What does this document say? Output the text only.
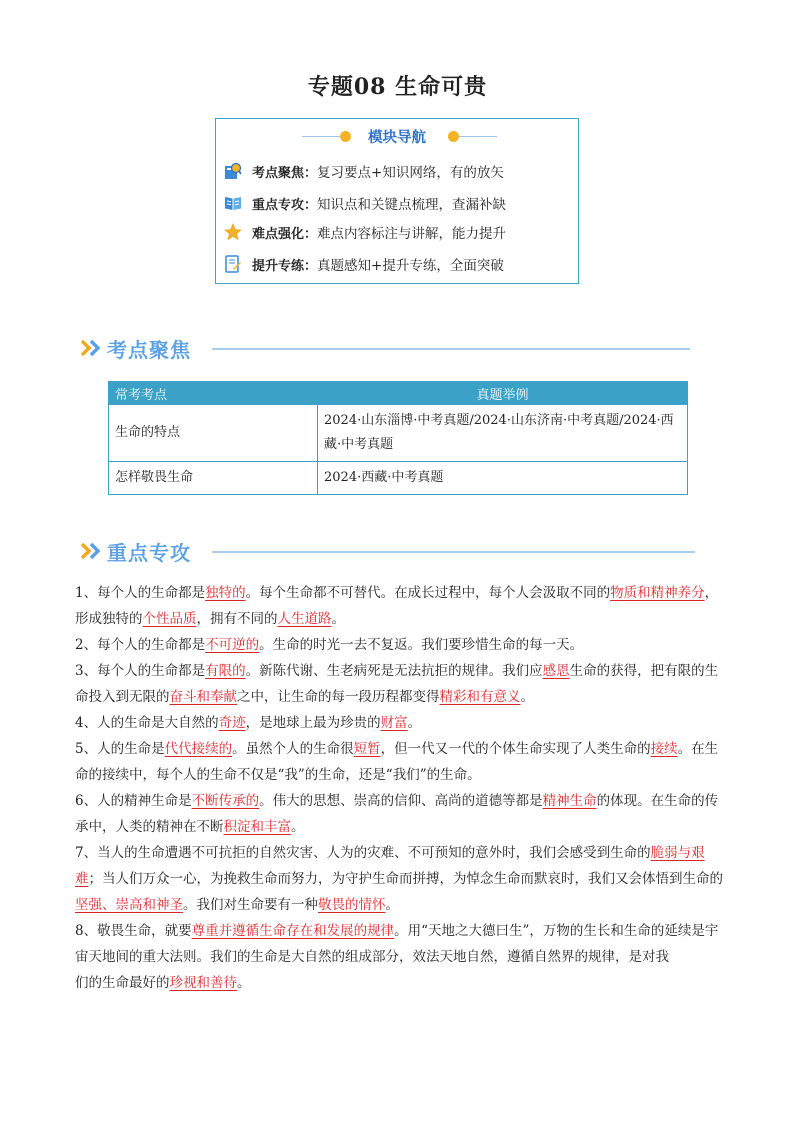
专题08 生命可贵
模块导航
考点聚焦： 复习要点+知识网络，有的放矢
重点专攻： 知识点和关键点梳理，查漏补缺
难点强化： 难点内容标注与讲解，能力提升
提升专练： 真题感知+提升专练，全面突破
考点聚焦
常考考点	真题举例
生命的特点	2024·山东淄博·中考真题/2024·山东济南·中考真题/2024·西藏·中考真题
怎样敬畏生命	2024·西藏·中考真题
重点专攻

1、每个人的生命都是独特的。每个生命都不可替代。在成长过程中，每个人会汲取不同的物质和精神养分，形成独特的个性品质，拥有不同的人生道路。

2、每个人的生命都是不可逆的。生命的时光一去不复返。我们要珍惜生命的每一天。

3、每个人的生命都是有限的。新陈代谢、生老病死是无法抗拒的规律。我们应感恩生命的获得，把有限的生命投入到无限的奋斗和奉献之中，让生命的每一段历程都变得精彩和有意义。

4、人的生命是大自然的奇迹，是地球上最为珍贵的财富。

5、人的生命是代代接续的。虽然个人的生命很短暂，但一代又一代的个体生命实现了人类生命的接续。在生命的接续中，每个人的生命不仅是“我”的生命，还是“我们”的生命。

6、人的精神生命是不断传承的。伟大的思想、崇高的信仰、高尚的道德等都是精神生命的体现。在生命的传承中，人类的精神在不断积淀和丰富。

7、当人的生命遭遇不可抗拒的自然灾害、人为的灾难、不可预知的意外时，我们会感受到生命的脆弱与艰难；当人们万众一心，为挽救生命而努力，为守护生命而拼搏，为悼念生命而默哀时，我们又会体悟到生命的坚强、崇高和神圣。我们对生命要有一种敬畏的情怀。

8、敬畏生命，就要尊重并遵循生命存在和发展的规律。用“天地之大德曰生”，万物的生长和生命的延续是宇宙天地间的重大法则。我们的生命是大自然的组成部分，效法天地自然，遵循自然界的规律，是对我

们的生命最好的珍视和善待。
